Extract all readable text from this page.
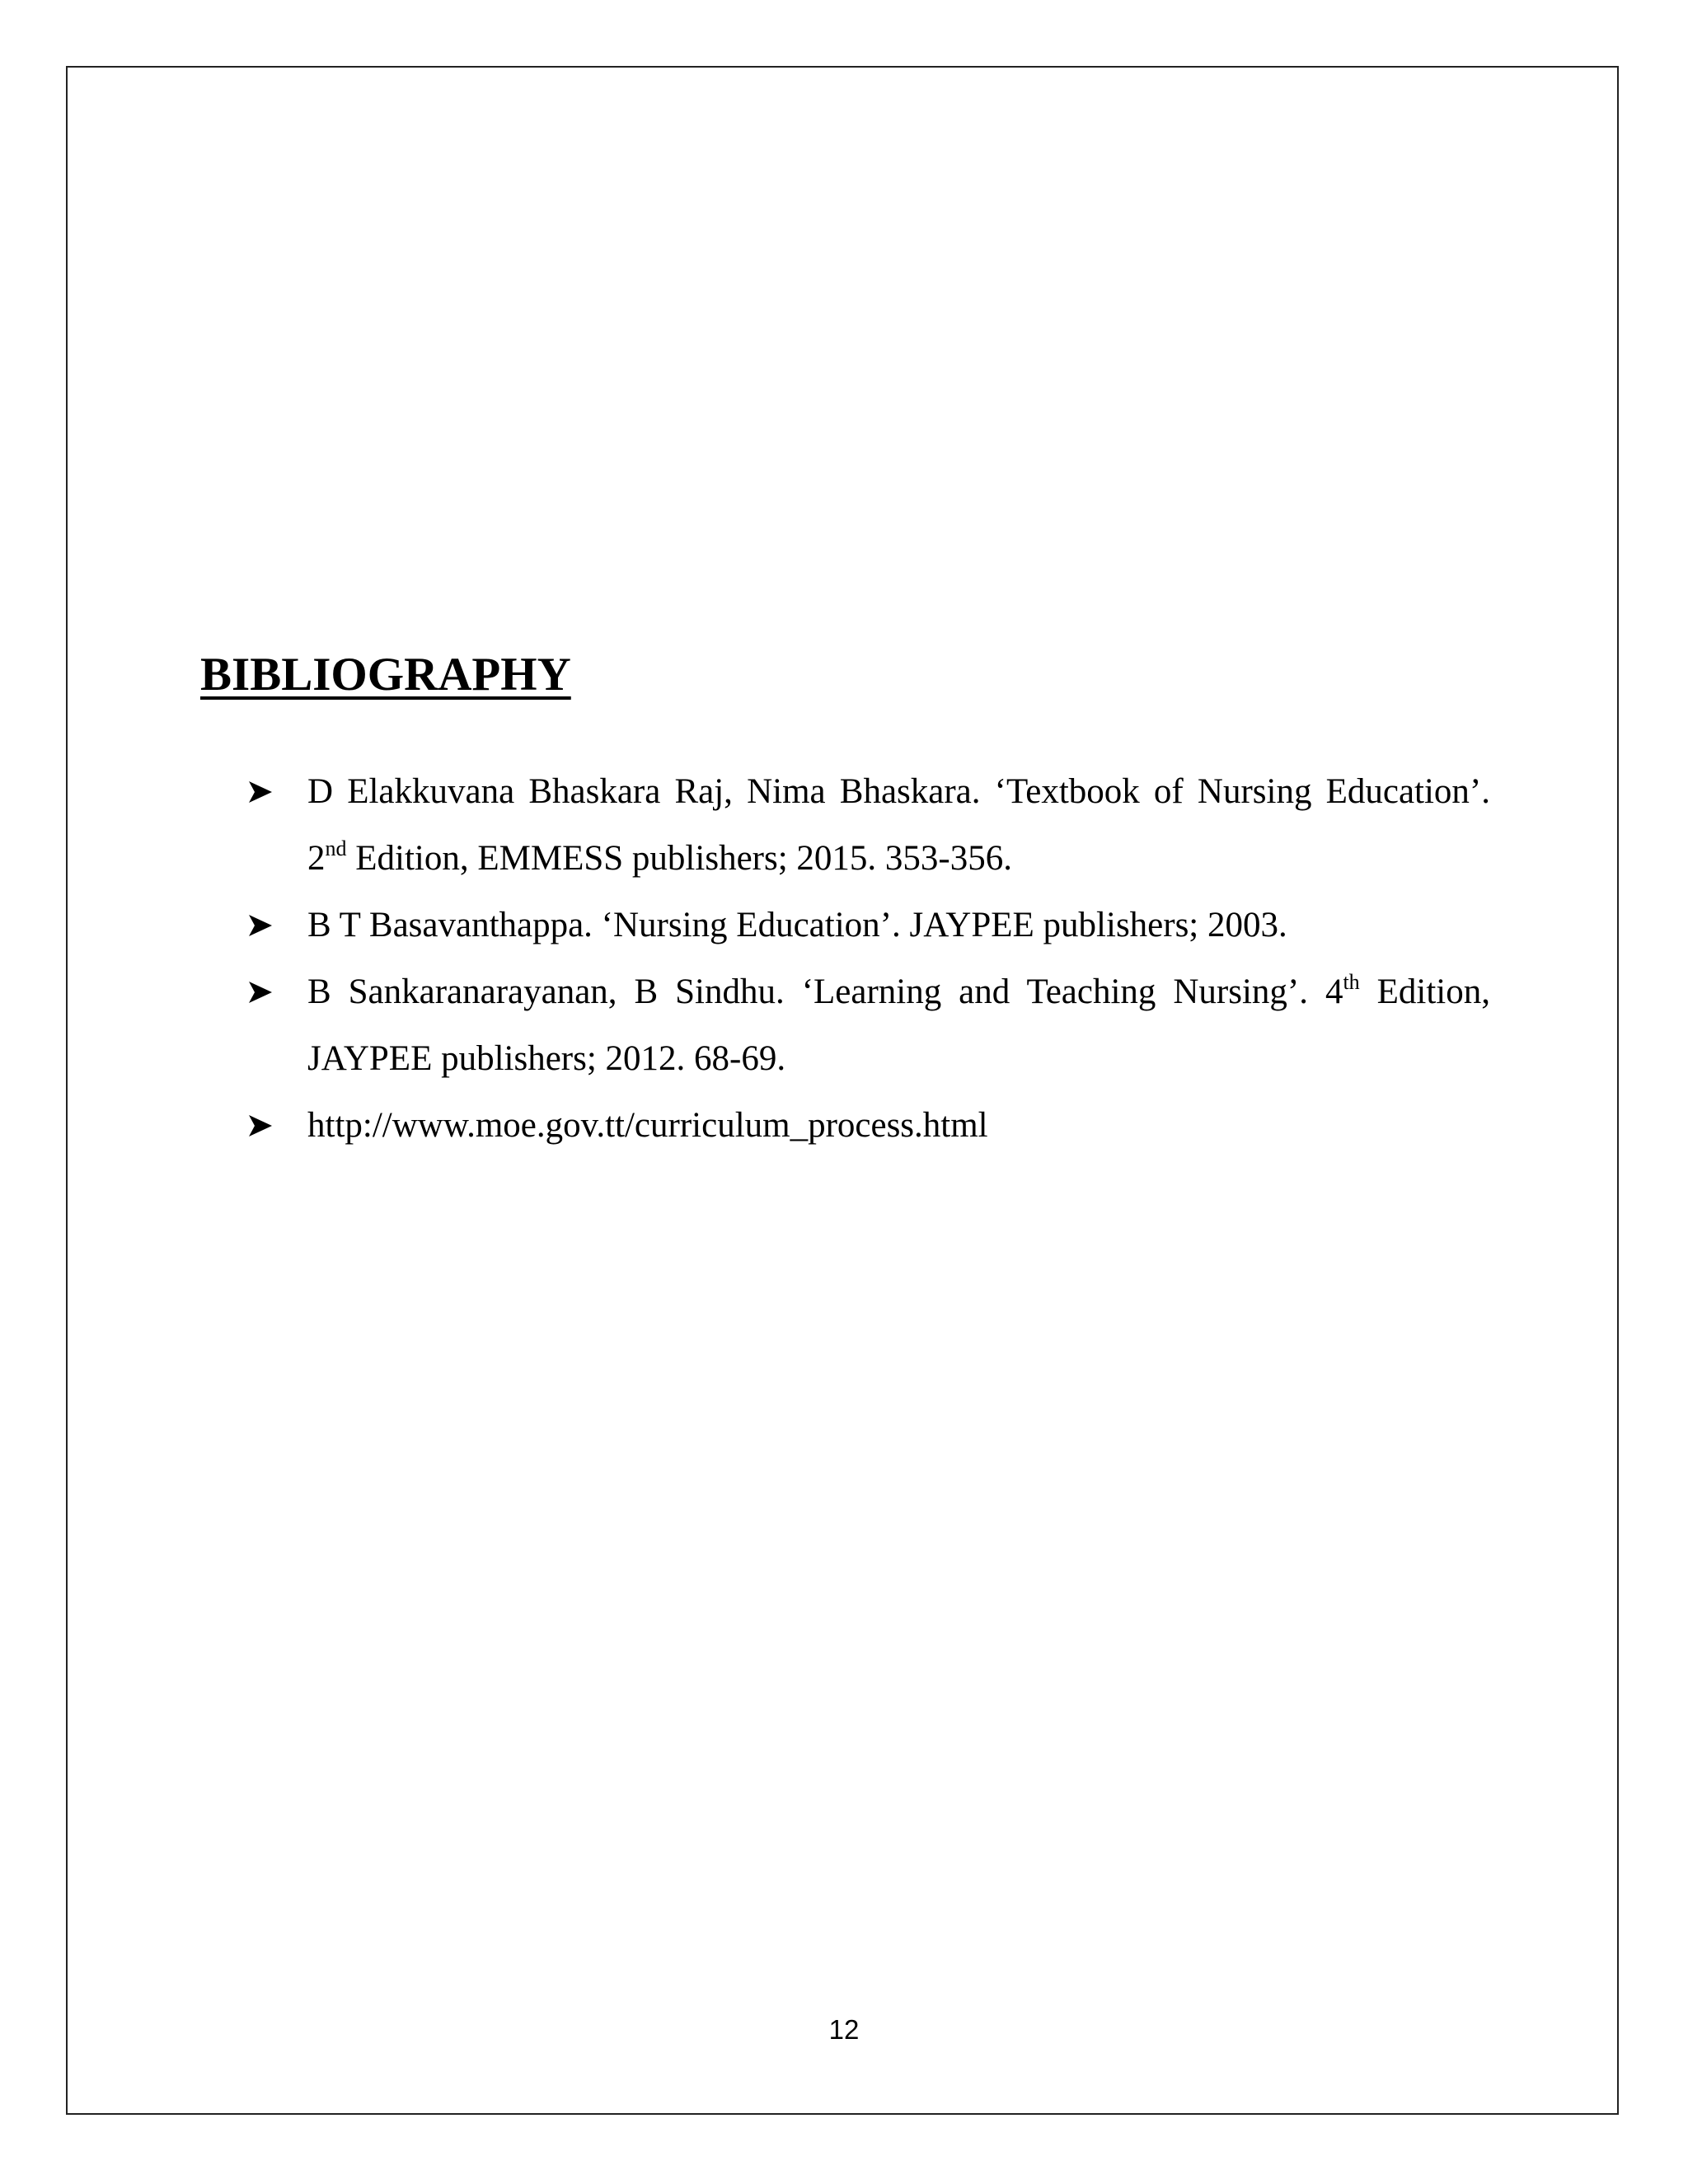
BIBLIOGRAPHY
D Elakkuvana Bhaskara Raj, Nima Bhaskara. ‘Textbook of Nursing Education’. 2nd Edition, EMMESS publishers; 2015. 353-356.
B T Basavanthappa. ‘Nursing Education’. JAYPEE publishers; 2003.
B Sankaranarayanan, B Sindhu. ‘Learning and Teaching Nursing’. 4th Edition, JAYPEE publishers; 2012. 68-69.
http://www.moe.gov.tt/curriculum_process.html
12
